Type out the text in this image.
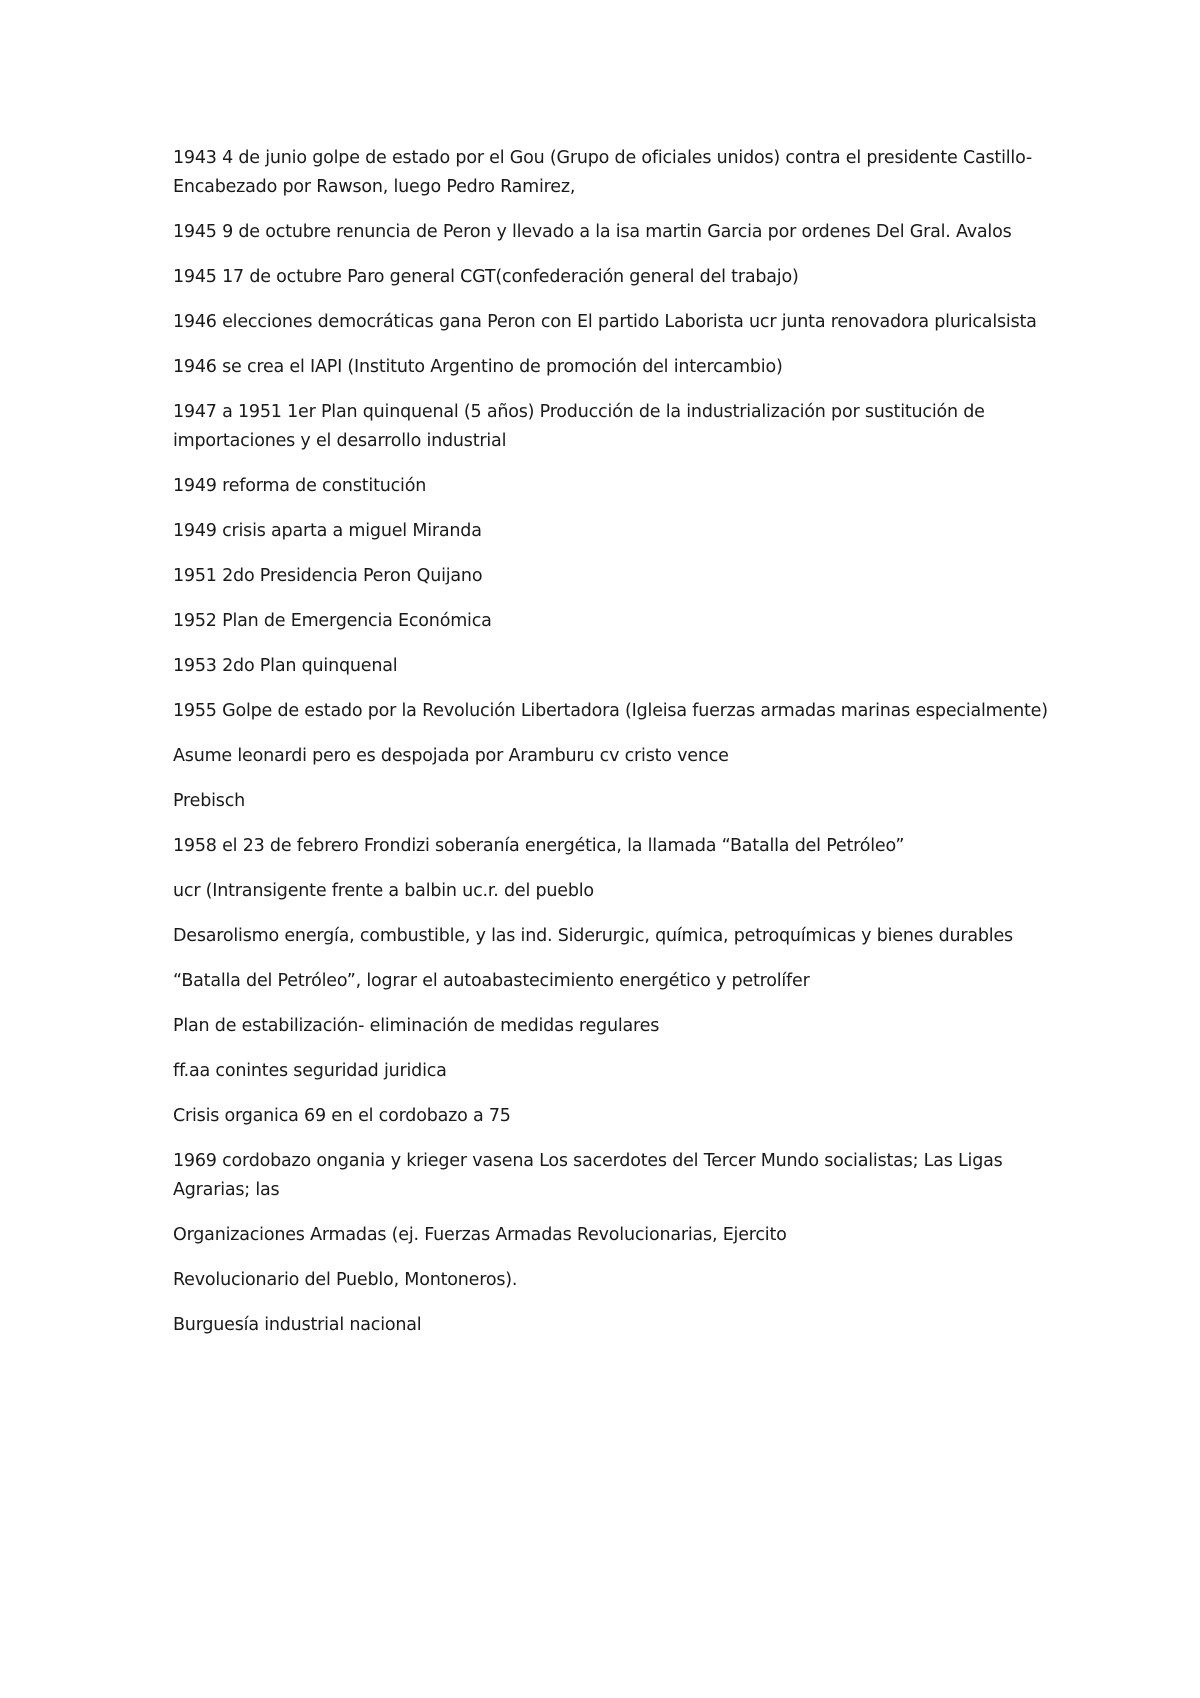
1943 4 de junio golpe de estado por el Gou (Grupo de oficiales unidos) contra el presidente Castillo- Encabezado por Rawson, luego Pedro Ramirez,

1945 9 de octubre renuncia de Peron y llevado a la isa martin Garcia por ordenes Del Gral. Avalos

1945 17 de octubre Paro general CGT(confederación general del trabajo)

1946 elecciones democráticas gana Peron con El partido Laborista ucr junta renovadora pluricalsista

1946 se crea el IAPI (Instituto Argentino de promoción del intercambio)

1947 a 1951 1er Plan quinquenal (5 años) Producción de la industrialización por sustitución de importaciones y el desarrollo industrial

1949 reforma de constitución

1949 crisis aparta a miguel Miranda

1951 2do Presidencia Peron Quijano

1952 Plan de Emergencia Económica

1953 2do Plan quinquenal

1955 Golpe de estado por la Revolución Libertadora (Igleisa fuerzas armadas marinas especialmente)

Asume leonardi pero es despojada por Aramburu cv cristo vence

Prebisch

1958 el 23 de febrero Frondizi soberanía energética, la llamada “Batalla del Petróleo”

ucr (Intransigente frente a balbin uc.r. del pueblo

Desarolismo energía, combustible, y las ind. Siderurgic, química, petroquímicas y bienes durables

“Batalla del Petróleo”, lograr el autoabastecimiento energético y petrolífer

Plan de estabilización- eliminación de medidas regulares

ff.aa conintes seguridad juridica

Crisis organica 69 en el cordobazo a 75

1969 cordobazo ongania y krieger vasena Los sacerdotes del Tercer Mundo socialistas; Las Ligas Agrarias; las

Organizaciones Armadas (ej. Fuerzas Armadas Revolucionarias, Ejercito

Revolucionario del Pueblo, Montoneros).

Burguesía industrial nacional
